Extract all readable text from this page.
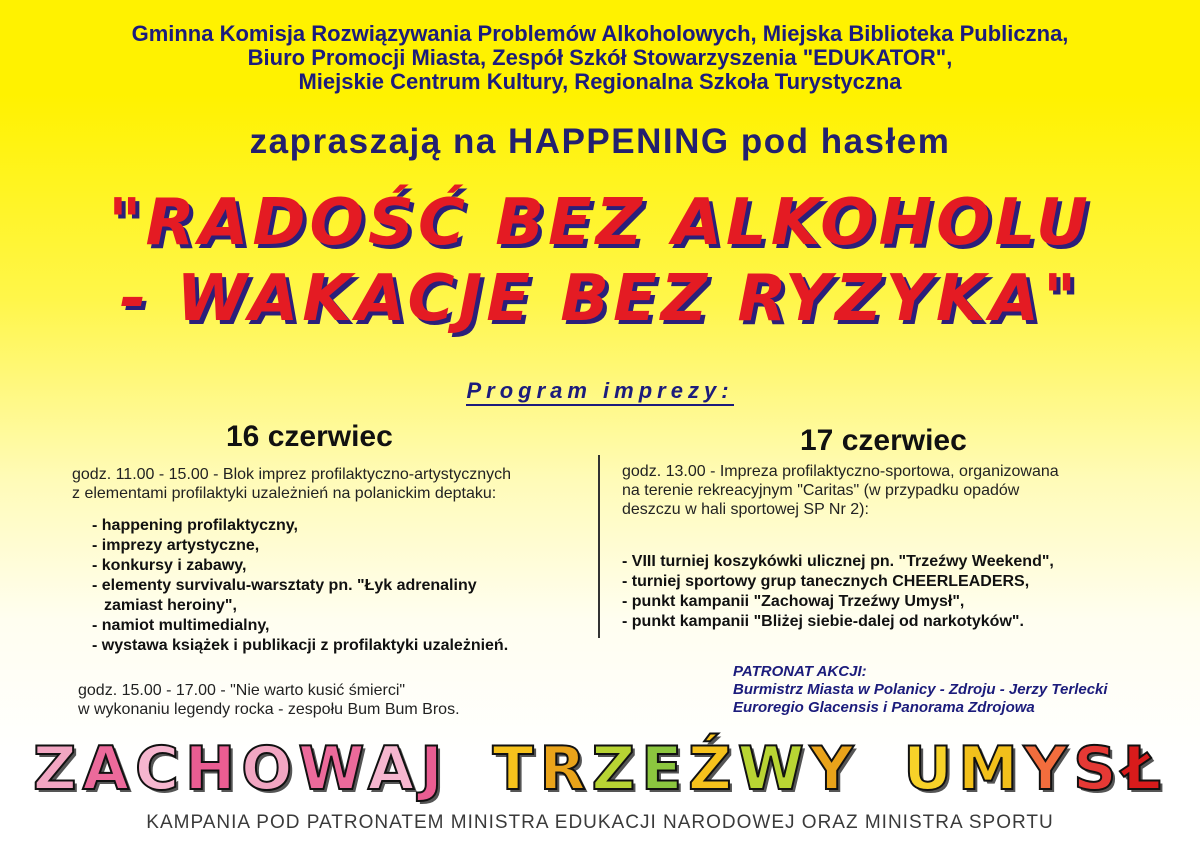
Gminna Komisja Rozwiązywania Problemów Alkoholowych, Miejska Biblioteka Publiczna,
Biuro Promocji Miasta, Zespół Szkół Stowarzyszenia "EDUKATOR",
Miejskie Centrum Kultury, Regionalna Szkoła Turystyczna
zapraszają na HAPPENING pod hasłem
"RADOŚĆ BEZ ALKOHOLU
- WAKACJE BEZ RYZYKA"
Program imprezy:
16 czerwiec	17 czerwiec
godz. 11.00 - 15.00 - Blok imprez profilaktyczno-artystycznych
z elementami profilaktyki uzależnień na polanickim deptaku:
- happening profilaktyczny,
- imprezy artystyczne,
- konkursy i zabawy,
- elementy survivalu-warsztaty pn. "Łyk adrenaliny
zamiast heroiny",
- namiot multimedialny,
- wystawa książek i publikacji z profilaktyki uzależnień.
godz. 15.00 - 17.00 - "Nie warto kusić śmierci"
w wykonaniu legendy rocka - zespołu Bum Bum Bros.
godz. 13.00 - Impreza profilaktyczno-sportowa, organizowana
na terenie rekreacyjnym "Caritas" (w przypadku opadów
deszczu w hali sportowej SP Nr 2):
- VIII turniej koszykówki ulicznej pn. "Trzeźwy Weekend",
- turniej sportowy grup tanecznych CHEERLEADERS,
- punkt kampanii "Zachowaj Trzeźwy Umysł",
- punkt kampanii "Bliżej siebie-dalej od narkotyków".
PATRONAT AKCJI:
Burmistrz Miasta w Polanicy - Zdroju - Jerzy Terlecki
Euroregio Glacensis i Panorama Zdrojowa
ZACHOWAJ TRZEŹWY UMYSŁ
KAMPANIA POD PATRONATEM MINISTRA EDUKACJI NARODOWEJ ORAZ MINISTRA SPORTU
